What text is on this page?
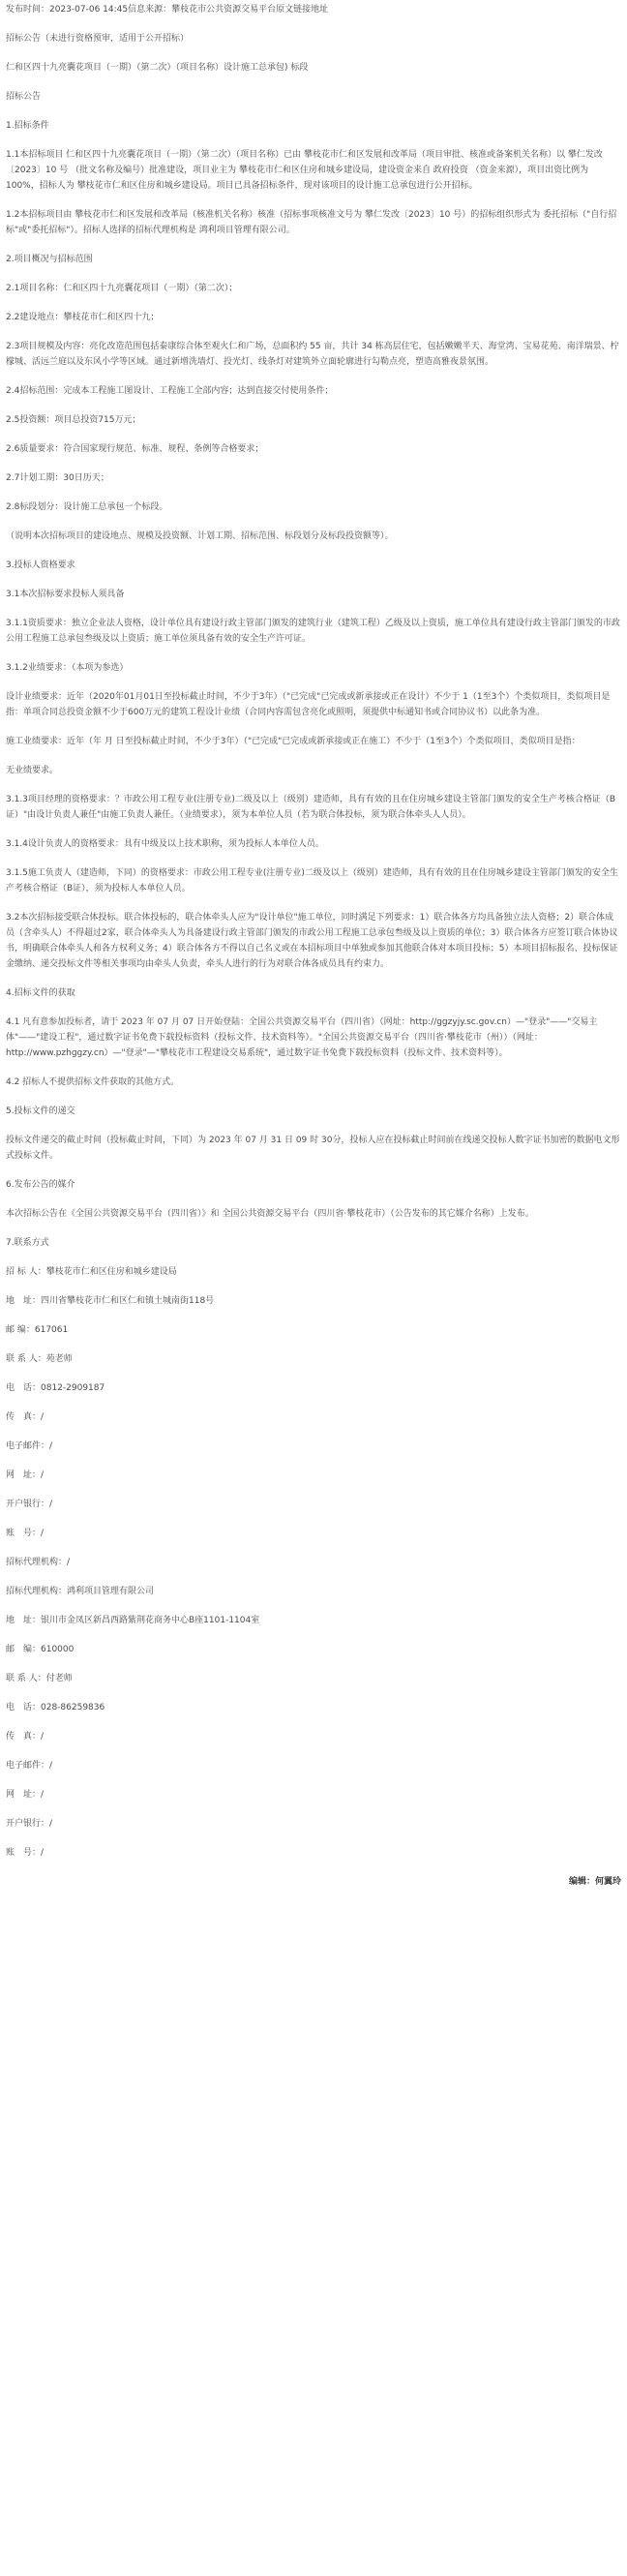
发布时间：2023-07-06 14:45信息来源：攀枝花市公共资源交易平台原文链接地址
招标公告（未进行资格预审，适用于公开招标）
仁和区四十九亮囊花项目（一期）（第二次）（项目名称）设计施工总承包) 标段
招标公告
1.招标条件
1.1本招标项目 仁和区四十九亮囊花项目（一期）（第二次）（项目名称）已由 攀枝花市仁和区发展和改革局（项目审批、核准或备案机关名称）以 攀仁发改〔2023〕10 号 （批文名称及编号）批准建设，项目业主为 攀枝花市仁和区住房和城乡建设局，建设资金来自 政府投资 （资金来源），项目出资比例为 100%，招标人为 攀枝花市仁和区住房和城乡建设局。项目已具备招标条件，现对该项目的设计施工总承包进行公开招标。
1.2本招标项目由 攀枝花市仁和区发展和改革局（核准机关名称）核准（招标事项核准文号为 攀仁发改〔2023〕10 号）的招标组织形式为 委托招标（"自行招标"或"委托招标"）。招标人选择的招标代理机构是 鸿利项目管理有限公司。
2.项目概况与招标范围
2.1项目名称：仁和区四十九亮囊花项目（一期）（第二次）；
2.2建设地点：攀枝花市仁和区四十九；
2.3项目规模及内容：亮化改造范围包括泰康综合体至观火仁和广场，总面积约 55 亩，共计 34 栋高层住宅，包括嫩嫩半天、海堂湾、宝易花苑、南洋瑞景、柠檬城、活远兰庭以及东风小学等区域。通过新增洗墙灯、投光灯、线条灯对建筑外立面轮廓进行勾勒点亮，塑造高雅夜景氛围。
2.4招标范围：完成本工程施工图设计、工程施工全部内容；达到直接交付使用条件；
2.5投资额：项目总投资715万元；
2.6质量要求：符合国家现行规范、标准、规程、条例等合格要求；
2.7计划工期：30日历天；
2.8标段划分：设计施工总承包一个标段。
（说明本次招标项目的建设地点、规模及投资额、计划工期、招标范围、标段划分及标段投资额等）。
3.投标人资格要求
3.1本次招标要求投标人须具备
3.1.1资质要求：独立企业法人资格，设计单位具有建设行政主管部门颁发的建筑行业（建筑工程）乙级及以上资质，施工单位具有建设行政主管部门颁发的市政公用工程施工总承包叁级及以上资质；施工单位须具备有效的安全生产许可证。
3.1.2业绩要求：（本项为参选）
设计业绩要求：近年（2020年01月01日至投标截止时间，不少于3年）（"已完成"已完成或新承接或正在设计）不少于 1（1至3个）个类似项目，类似项目是指：单项合同总投资金额不少于600万元的建筑工程设计业绩（合同内容需包含亮化或照明，须提供中标通知书或合同协议书）以此条为准。
施工业绩要求：近年（年 月 日至投标截止时间，不少于3年）（"已完成"已完成或新承接或正在施工）不少于（1至3个）个类似项目，类似项目是指：
无业绩要求。
3.1.3项目经理的资格要求：？市政公用工程专业(注册专业)二级及以上（级别）建造师，具有有效的且在住房城乡建设主管部门颁发的安全生产考核合格证（B证）"由设计负责人兼任"由施工负责人兼任。（业绩要求），须为本单位人员（若为联合体投标，须为联合体牵头人人员）。
3.1.4设计负责人的资格要求：具有中级及以上技术职称，须为投标人本单位人员。
3.1.5施工负责人（建造师，下同）的资格要求：市政公用工程专业(注册专业)二级及以上（级别）建造师，具有有效的且在住房城乡建设主管部门颁发的安全生产考核合格证（B证），须为投标人本单位人员。
3.2本次招标接受联合体投标。联合体投标的，联合体牵头人应为"设计单位"施工单位，同时满足下列要求：1）联合体各方均具备独立法人资格；2）联合体成员（含牵头人）不得超过2家，联合体牵头人为具备建设行政主管部门颁发的市政公用工程施工总承包叁级及以上资质的单位；3）联合体各方应签订联合体协议书，明确联合体牵头人和各方权利义务；4）联合体各方不得以自己名义或在本招标项目中单独或参加其他联合体对本项目投标；5）本项目招标报名、投标保证金缴纳、递交投标文件等相关事项均由牵头人负责，牵头人进行的行为对联合体各成员具有约束力。
4.招标文件的获取
4.1 凡有意参加投标者，请于 2023 年 07 月 07 日开始登陆：全国公共资源交易平台（四川省）（网址：http://ggzyjy.sc.gov.cn）—"登录"——"交易主体"——"建设工程"，通过数字证书免费下载投标资料（投标文件、技术资料等）。"全国公共资源交易平台（四川省·攀枝花市（州））（网址：http://www.pzhggzy.cn）—"登录"—"攀枝花市工程建设交易系统"，通过数字证书免费下载投标资料（投标文件、技术资料等）。
4.2 招标人不提供招标文件获取的其他方式。
5.投标文件的递交
投标文件递交的截止时间（投标截止时间，下同）为 2023 年 07 月 31 日 09 时 30分，投标人应在投标截止时间前在线递交投标人数字证书加密的数据电文形式投标文件。
6.发布公告的媒介
本次招标公告在《全国公共资源交易平台（四川省）》和 全国公共资源交易平台（四川省·攀枝花市）（公告发布的其它媒介名称）上发布。
7.联系方式
招 标 人：攀枝花市仁和区住房和城乡建设局
地　址：四川省攀枝花市仁和区仁和镇土城南街118号
邮 编：617061
联 系 人：苑老师
电　话：0812-2909187
传　真：/
电子邮件：/
网　址：/
开户银行：/
账　号：/
招标代理机构：/
招标代理机构：鸿利项目管理有限公司
地　址：银川市金凤区新昌西路紫荆花商务中心B座1101-1104室
邮　编：610000
联 系 人：付老师
电　话：028-86259836
传　真：/
电子邮件：/
网　址：/
开户银行：/
账　号：/
编辑：何翼玲
